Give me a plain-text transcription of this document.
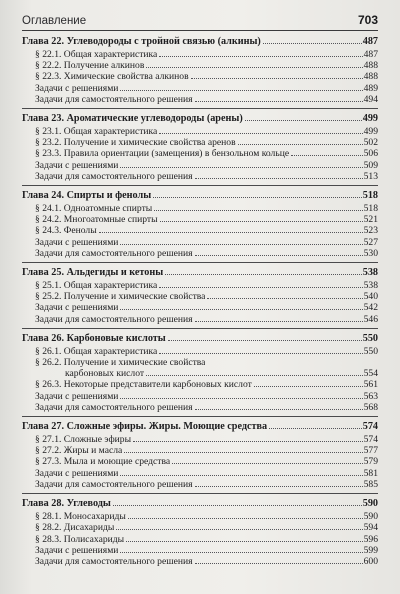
Оглавление	703
Глава 22. Углеводороды с тройной связью (алкины)	487
§ 22.1. Общая характеристика	487
§ 22.2. Получение алкинов	488
§ 22.3. Химические свойства алкинов	488
Задачи с решениями	489
Задачи для самостоятельного решения	494
Глава 23. Ароматические углеводороды (арены)	499
§ 23.1. Общая характеристика	499
§ 23.2. Получение и химические свойства аренов	502
§ 23.3. Правила ориентации (замещения) в бензольном кольце	506
Задачи с решениями	509
Задачи для самостоятельного решения	513
Глава 24. Спирты и фенолы	518
§ 24.1. Одноатомные спирты	518
§ 24.2. Многоатомные спирты	521
§ 24.3. Фенолы	523
Задачи с решениями	527
Задачи для самостоятельного решения	530
Глава 25. Альдегиды и кетоны	538
§ 25.1. Общая характеристика	538
§ 25.2. Получение и химические свойства	540
Задачи с решениями	542
Задачи для самостоятельного решения	546
Глава 26. Карбоновые кислоты	550
§ 26.1. Общая характеристика	550
§ 26.2. Получение и химические свойства
карбоновых кислот	554
§ 26.3. Некоторые представители карбоновых кислот	561
Задачи с решениями	563
Задачи для самостоятельного решения	568
Глава 27. Сложные эфиры. Жиры. Моющие средства	574
§ 27.1. Сложные эфиры	574
§ 27.2. Жиры и масла	577
§ 27.3. Мыла и моющие средства	579
Задачи с решениями	581
Задачи для самостоятельного решения	585
Глава 28. Углеводы	590
§ 28.1. Моносахариды	590
§ 28.2. Дисахариды	594
§ 28.3. Полисахариды	596
Задачи с решениями	599
Задачи для самостоятельного решения	600
